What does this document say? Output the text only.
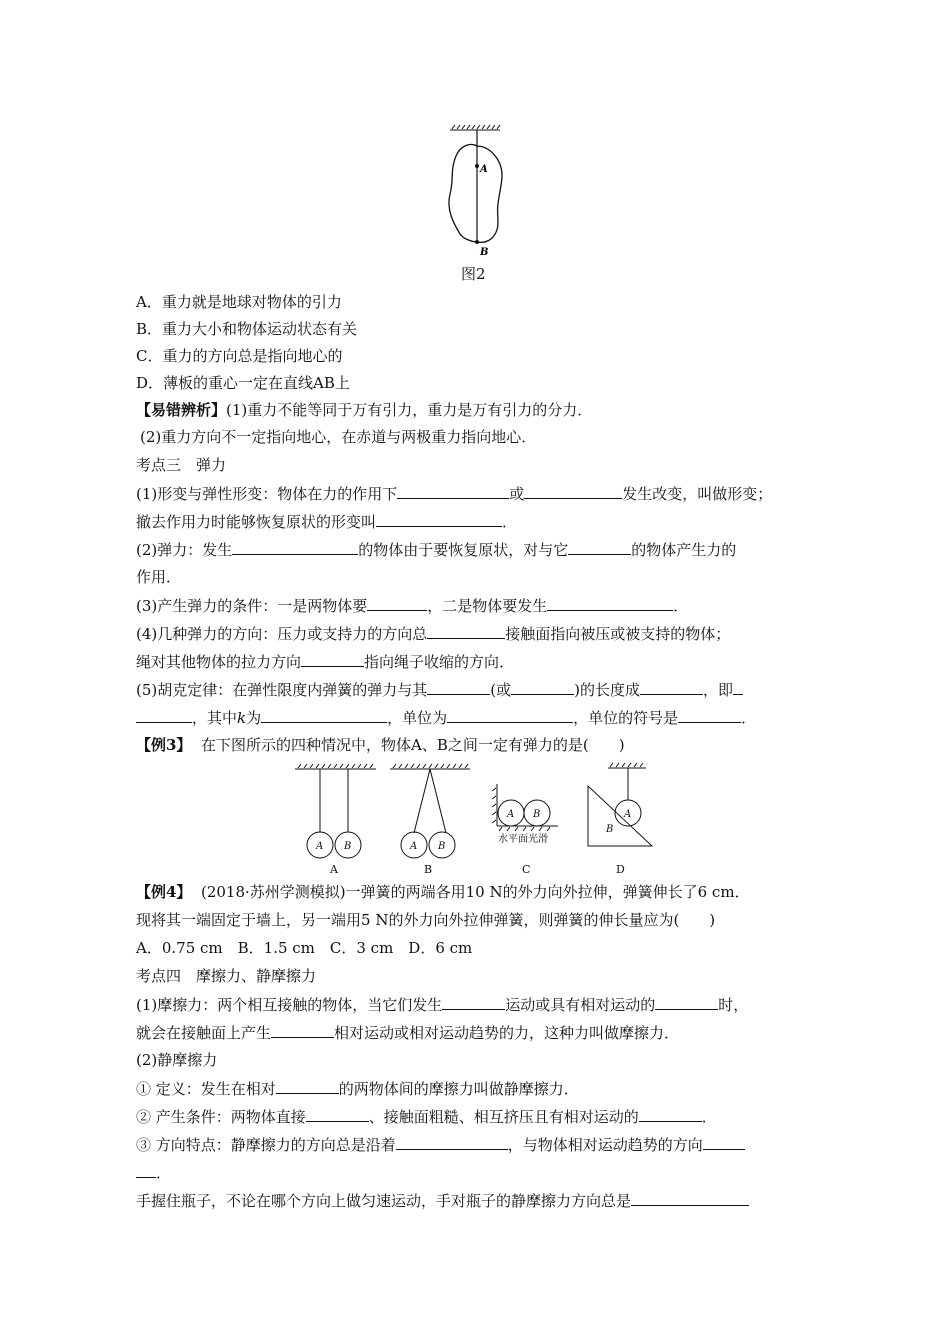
A
B
图2
A．重力就是地球对物体的引力
B．重力大小和物体运动状态有关
C．重力的方向总是指向地心的
D．薄板的重心一定在直线AB上
【易错辨析】(1)重力不能等同于万有引力，重力是万有引力的分力．
(2)重力方向不一定指向地心，在赤道与两极重力指向地心．
考点三　弹力
(1)形变与弹性形变：物体在力的作用下	或	发生改变，叫做形变；
撤去作用力时能够恢复原状的形变叫	．
(2)弹力：发生	的物体由于要恢复原状，对与它	的物体产生力的
作用．
(3)产生弹力的条件：一是两物体要	，二是物体要发生	．
(4)几种弹力的方向：压力或支持力的方向总	接触面指向被压或被支持的物体；
绳对其他物体的拉力方向	指向绳子收缩的方向．
(5)胡克定律：在弹性限度内弹簧的弹力与其	(或	)的长度成	，即
，其中k为	，单位为	，单位的符号是	．
【例3】 在下图所示的四种情况中，物体A、B之间一定有弹力的是(　　)
A B	A B
A B	A
B
水平面光滑
A	B	C	D
【例4】 (2018·苏州学测模拟)一弹簧的两端各用10 N的外力向外拉伸，弹簧伸长了6 cm．
现将其一端固定于墙上，另一端用5 N的外力向外拉伸弹簧，则弹簧的伸长量应为(　　)
A．0.75 cm　B．1.5 cm　C．3 cm　D．6 cm
考点四　摩擦力、静摩擦力
(1)摩擦力：两个相互接触的物体，当它们发生	运动或具有相对运动的	时，
就会在接触面上产生	相对运动或相对运动趋势的力，这种力叫做摩擦力．
(2)静摩擦力
① 定义：发生在相对	的两物体间的摩擦力叫做静摩擦力．
② 产生条件：两物体直接	、接触面粗糙、相互挤压且有相对运动的	．
③ 方向特点：静摩擦力的方向总是沿着	，与物体相对运动趋势的方向
．
手握住瓶子，不论在哪个方向上做匀速运动，手对瓶子的静摩擦力方向总是
